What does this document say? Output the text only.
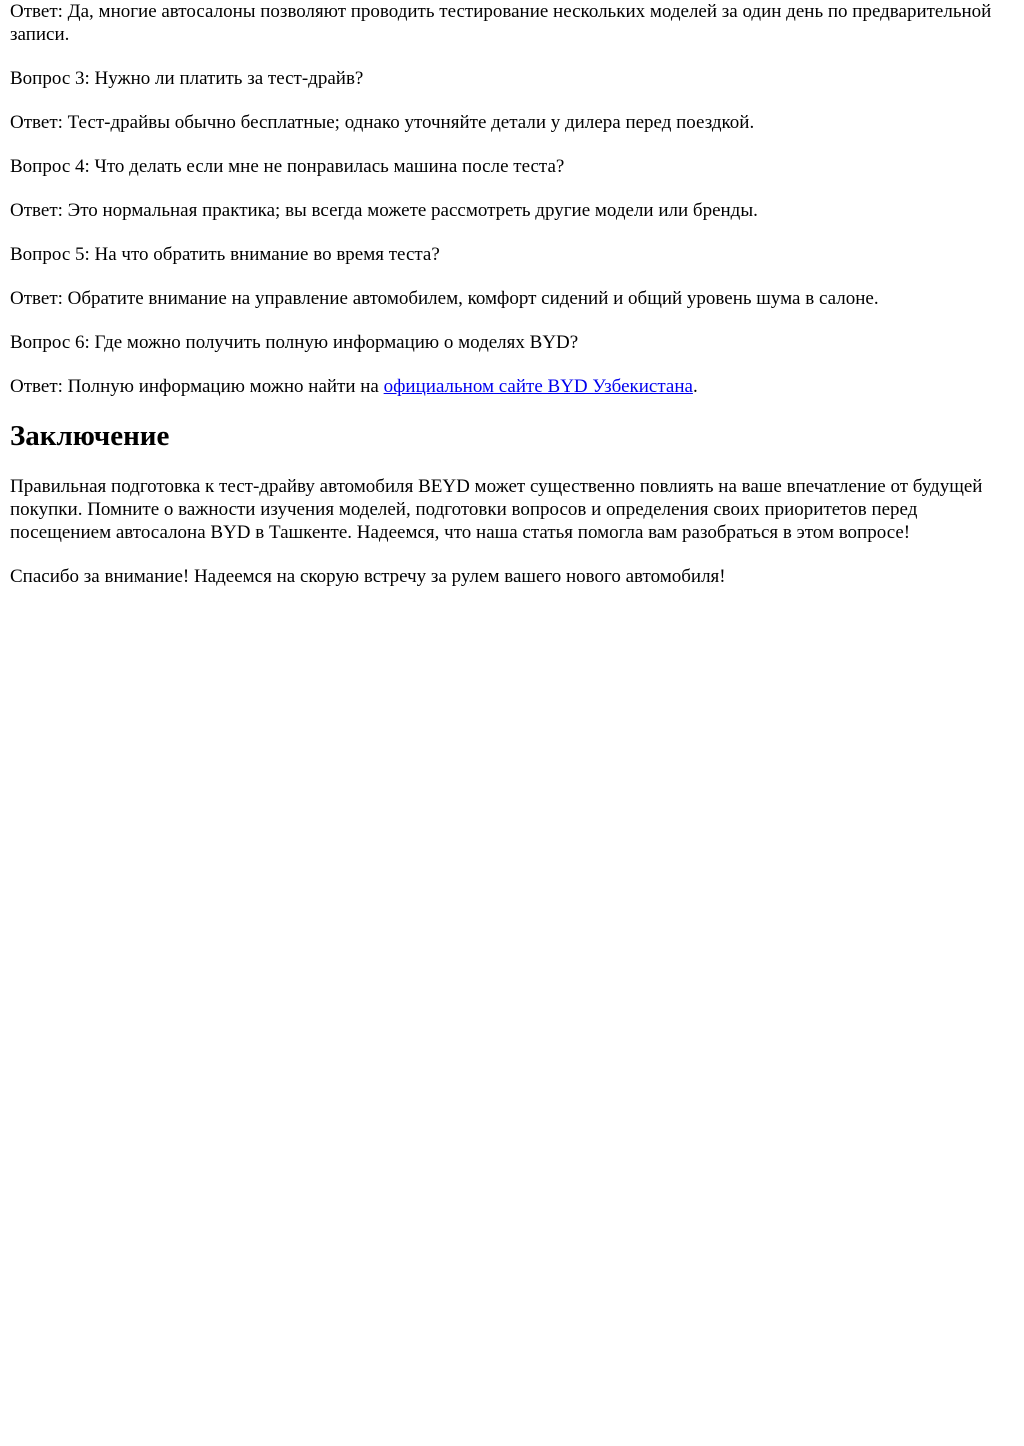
Ответ: Да, многие автосалоны позволяют проводить тестирование нескольких моделей за один день по предварительной записи.

Вопрос 3: Нужно ли платить за тест-драйв?

Ответ: Тест-драйвы обычно бесплатные; однако уточняйте детали у дилера перед поездкой.

Вопрос 4: Что делать если мне не понравилась машина после теста?

Ответ: Это нормальная практика; вы всегда можете рассмотреть другие модели или бренды.

Вопрос 5: На что обратить внимание во время теста?

Ответ: Обратите внимание на управление автомобилем, комфорт сидений и общий уровень шума в салоне.

Вопрос 6: Где можно получить полную информацию о моделях BYD?

Ответ: Полную информацию можно найти на официальном сайте BYD Узбекистана.

Заключение

Правильная подготовка к тест-драйву автомобиля BEYD может существенно повлиять на ваше впечатление от будущей покупки. Помните о важности изучения моделей, подготовки вопросов и определения своих приоритетов перед посещением автосалона BYD в Ташкенте. Надеемся, что наша статья помогла вам разобраться в этом вопросе!

Спасибо за внимание! Надеемся на скорую встречу за рулем вашего нового автомобиля!
